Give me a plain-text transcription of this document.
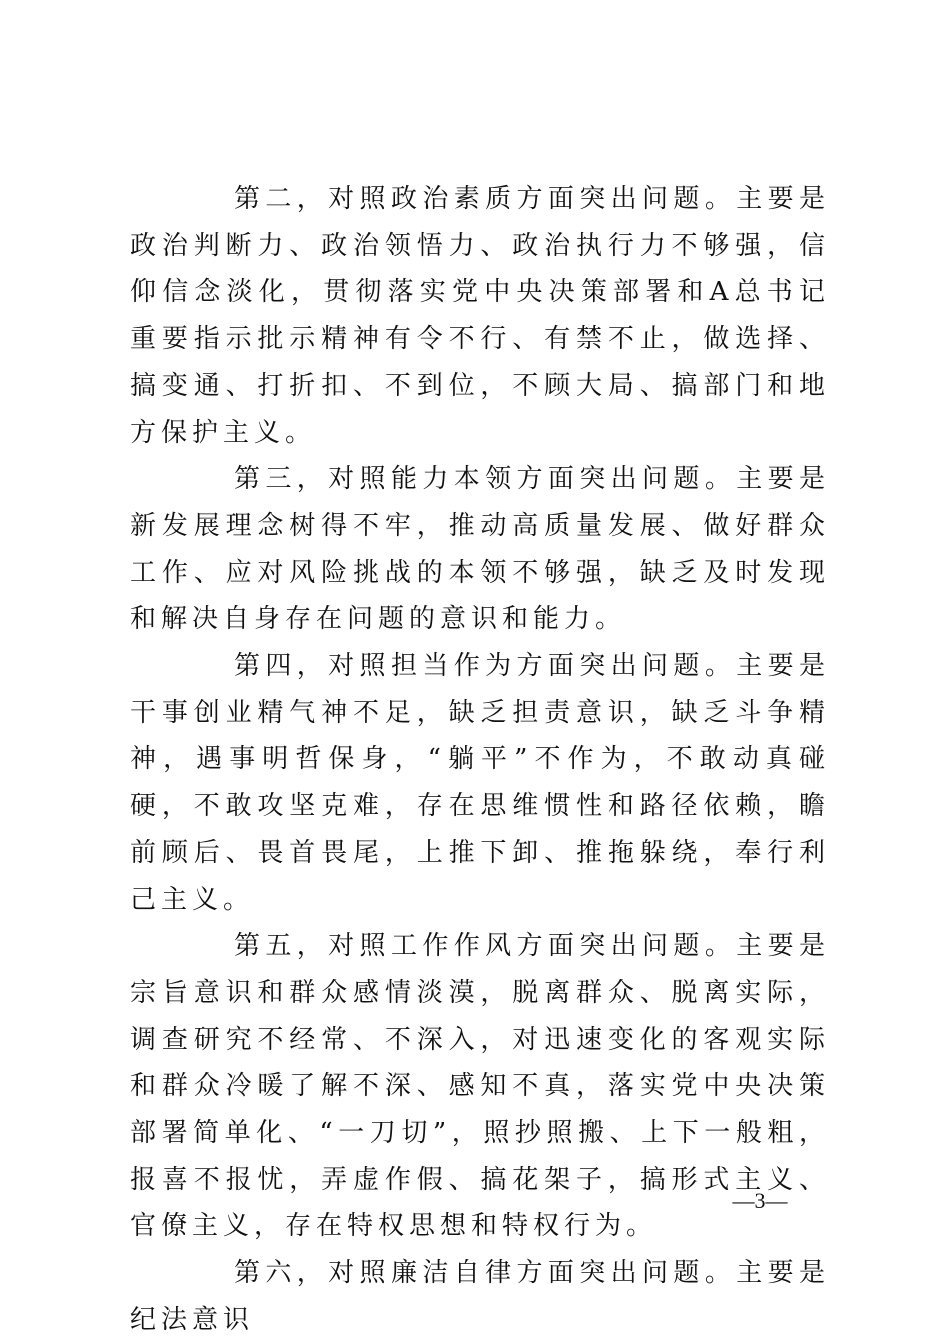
第二，对照政治素质方面突出问题。主要是政治判断力、政治领悟力、政治执行力不够强，信仰信念淡化，贯彻落实党中央决策部署和A总书记重要指示批示精神有令不行、有禁不止，做选择、搞变通、打折扣、不到位，不顾大局、搞部门和地方保护主义。

第三，对照能力本领方面突出问题。主要是新发展理念树得不牢，推动高质量发展、做好群众工作、应对风险挑战的本领不够强，缺乏及时发现和解决自身存在问题的意识和能力。

第四，对照担当作为方面突出问题。主要是干事创业精气神不足，缺乏担责意识，缺乏斗争精神，遇事明哲保身，“躺平”不作为，不敢动真碰硬，不敢攻坚克难，存在思维惯性和路径依赖，瞻前顾后、畏首畏尾，上推下卸、推拖躲绕，奉行利己主义。

第五，对照工作作风方面突出问题。主要是宗旨意识和群众感情淡漠，脱离群众、脱离实际，调查研究不经常、不深入，对迅速变化的客观实际和群众冷暖了解不深、感知不真，落实党中央决策部署简单化、“一刀切”，照抄照搬、上下一般粗，报喜不报忧，弄虚作假、搞花架子，搞形式主义、官僚主义，存在特权思想和特权行为。

第六，对照廉洁自律方面突出问题。主要是纪法意识

—3—
